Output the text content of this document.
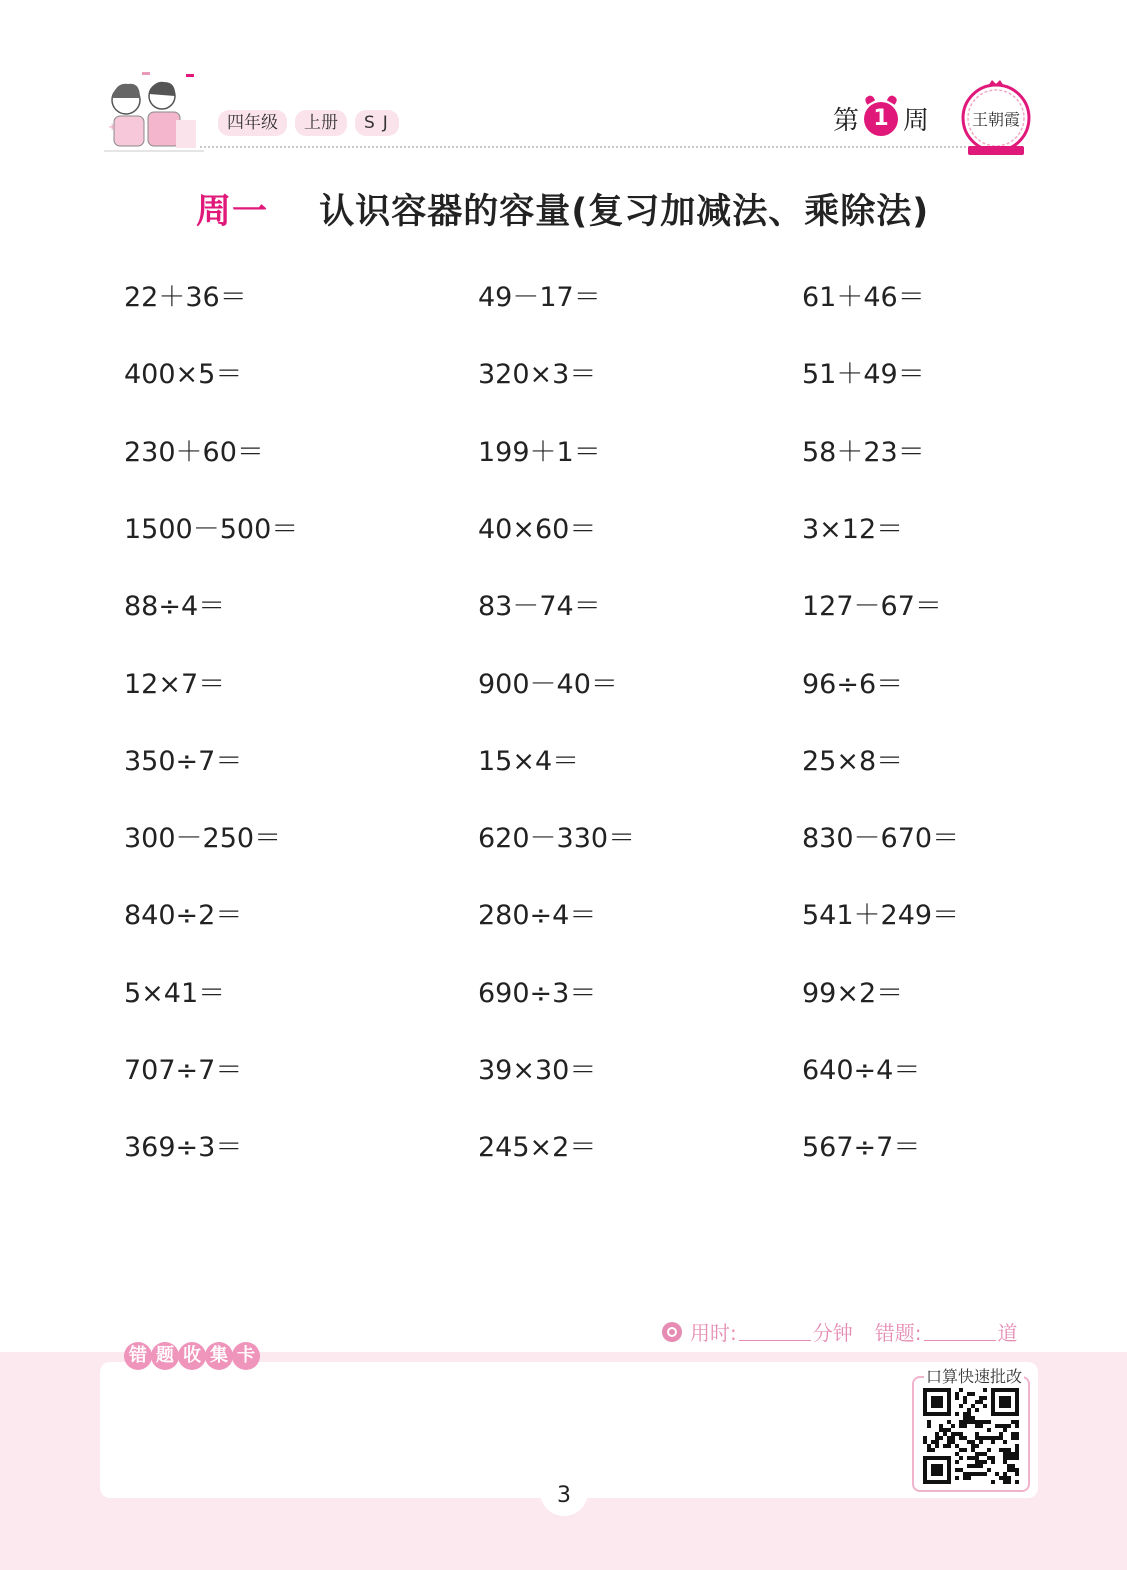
+	四年级	上册	SJ	第 1 周	王朝霞
周一 认识容器的容量(复习加减法、乘除法)
22＋36＝	49－17＝	61＋46＝
400×5＝	320×3＝	51＋49＝
230＋60＝	199＋1＝	58＋23＝
1500－500＝	40×60＝	3×12＝
88÷4＝	83－74＝	127－67＝
12×7＝	900－40＝	96÷6＝
350÷7＝	15×4＝	25×8＝
300－250＝	620－330＝	830－670＝
840÷2＝	280÷4＝	541＋249＝
5×41＝	690÷3＝	99×2＝
707÷7＝	39×30＝	640÷4＝
369÷3＝	245×2＝	567÷7＝
错 题 收 集 卡
用时:	分钟 错题:	道
口算快速批改
3
